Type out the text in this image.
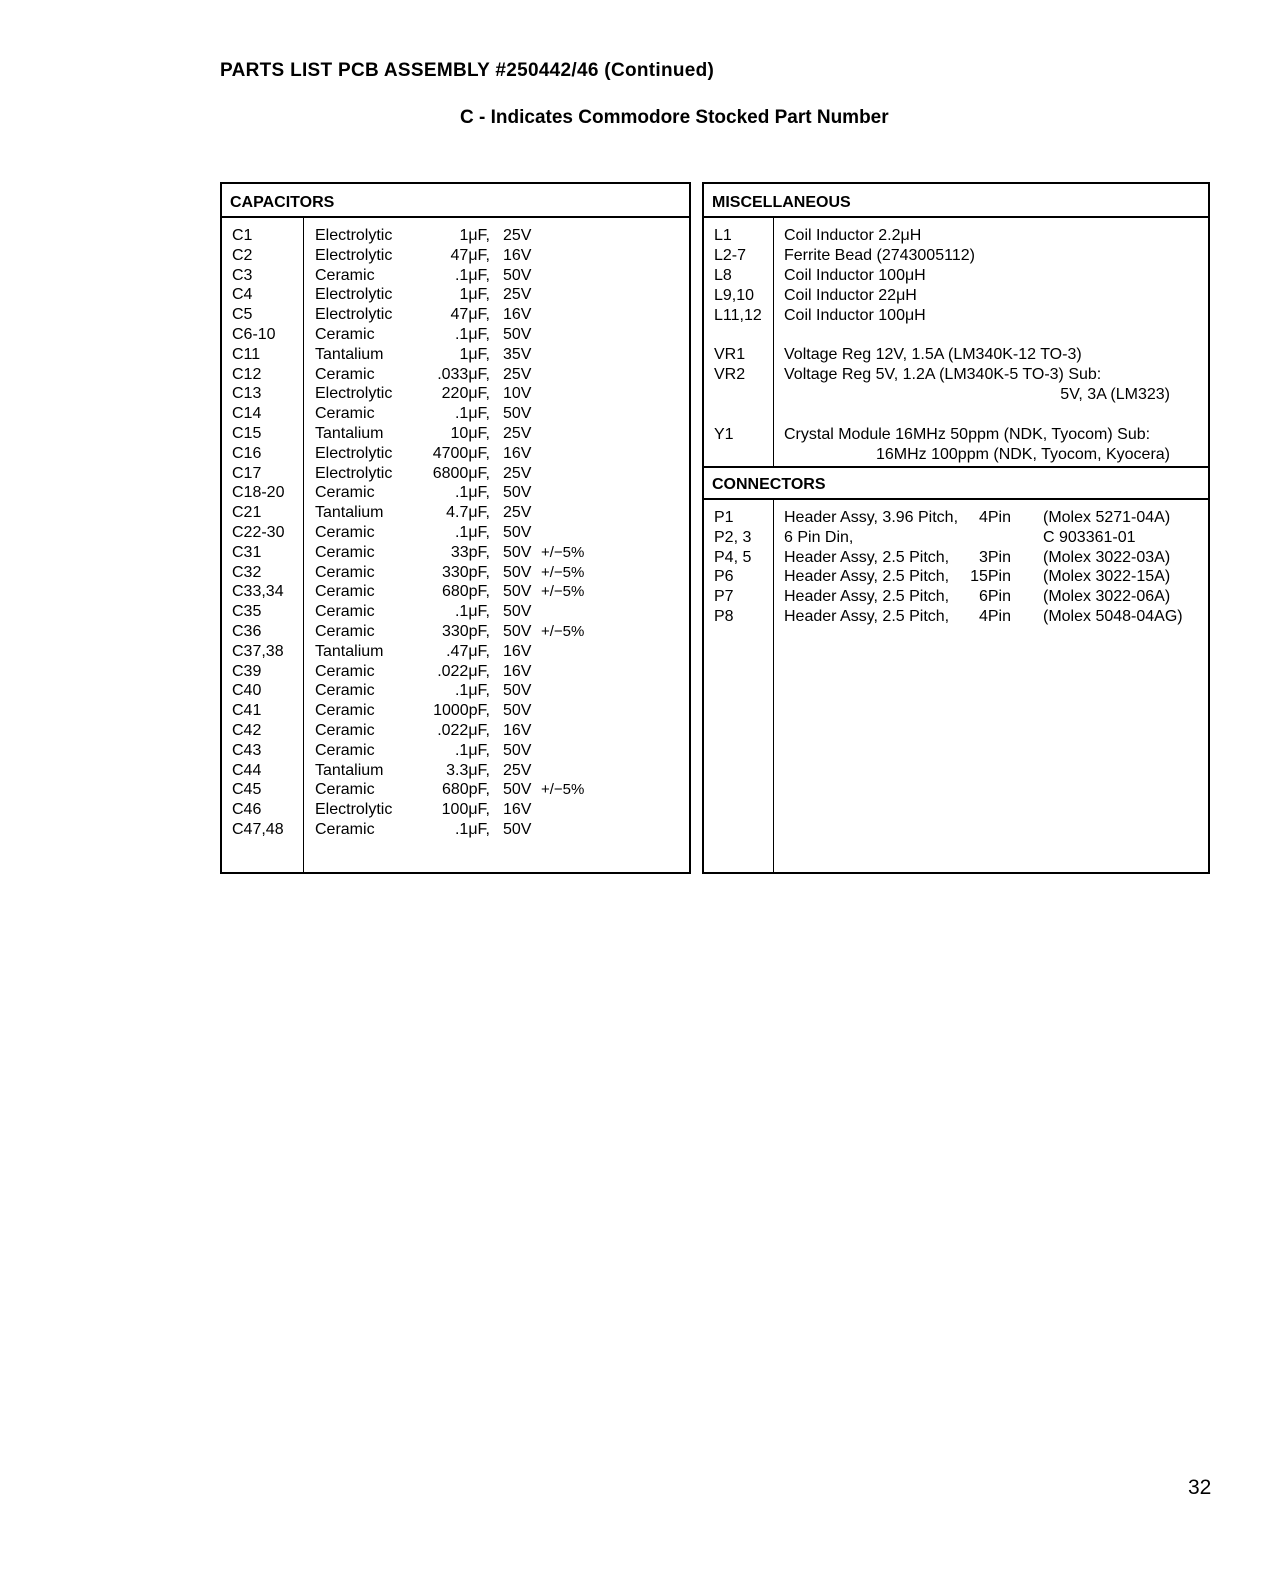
PARTS LIST PCB ASSEMBLY #250442/46 (Continued)
C - Indicates Commodore Stocked Part Number
CAPACITORS
C1	Electrolytic	1μF, 25V
C2	Electrolytic	47μF, 16V
C3	Ceramic	.1μF, 50V
C4	Electrolytic	1μF, 25V
C5	Electrolytic	47μF, 16V
C6-10 Ceramic	.1μF, 50V
C11	Tantalium	1μF, 35V
C12	Ceramic	.033μF, 25V
C13	Electrolytic	220μF, 10V
C14	Ceramic	.1μF, 50V
C15	Tantalium	10μF, 25V
C16	Electrolytic	4700μF, 16V
C17	Electrolytic	6800μF, 25V
C18-20 Ceramic	.1μF, 50V
C21	Tantalium	4.7μF, 25V
C22-30 Ceramic	.1μF, 50V
C31	Ceramic	33pF, 50V +/−5%
C32	Ceramic	330pF, 50V +/−5%
C33,34 Ceramic	680pF, 50V +/−5%
C35	Ceramic	.1μF, 50V
C36	Ceramic	330pF, 50V +/−5%
C37,38 Tantalium	.47μF, 16V
C39	Ceramic	.022μF, 16V
C40	Ceramic	.1μF, 50V
C41	Ceramic	1000pF, 50V
C42	Ceramic	.022μF, 16V
C43	Ceramic	.1μF, 50V
C44	Tantalium	3.3μF, 25V
C45	Ceramic	680pF, 50V +/−5%
C46	Electrolytic	100μF, 16V
C47,48 Ceramic	.1μF, 50V
MISCELLANEOUS
CONNECTORS
L1	Coil Inductor 2.2μH
L2-7 Ferrite Bead (2743005112)
L8	Coil Inductor 100μH
L9,10 Coil Inductor 22μH
L11,12 Coil Inductor 100μH
VR1 Voltage Reg 12V, 1.5A (LM340K-12 TO-3)
VR2 Voltage Reg 5V, 1.2A (LM340K-5 TO-3) Sub:
5V, 3A (LM323)
Y1	Crystal Module 16MHz 50ppm (NDK, Tyocom) Sub:
16MHz 100ppm (NDK, Tyocom, Kyocera)
P1	Header Assy, 3.96 Pitch,	4Pin (Molex 5271-04A)
P2, 3 6 Pin Din,	C 903361-01
P4, 5 Header Assy, 2.5 Pitch,	3Pin (Molex 3022-03A)
P6	Header Assy, 2.5 Pitch, 15Pin (Molex 3022-15A)
P7	Header Assy, 2.5 Pitch,	6Pin (Molex 3022-06A)
P8	Header Assy, 2.5 Pitch,	4Pin (Molex 5048-04AG)
32
